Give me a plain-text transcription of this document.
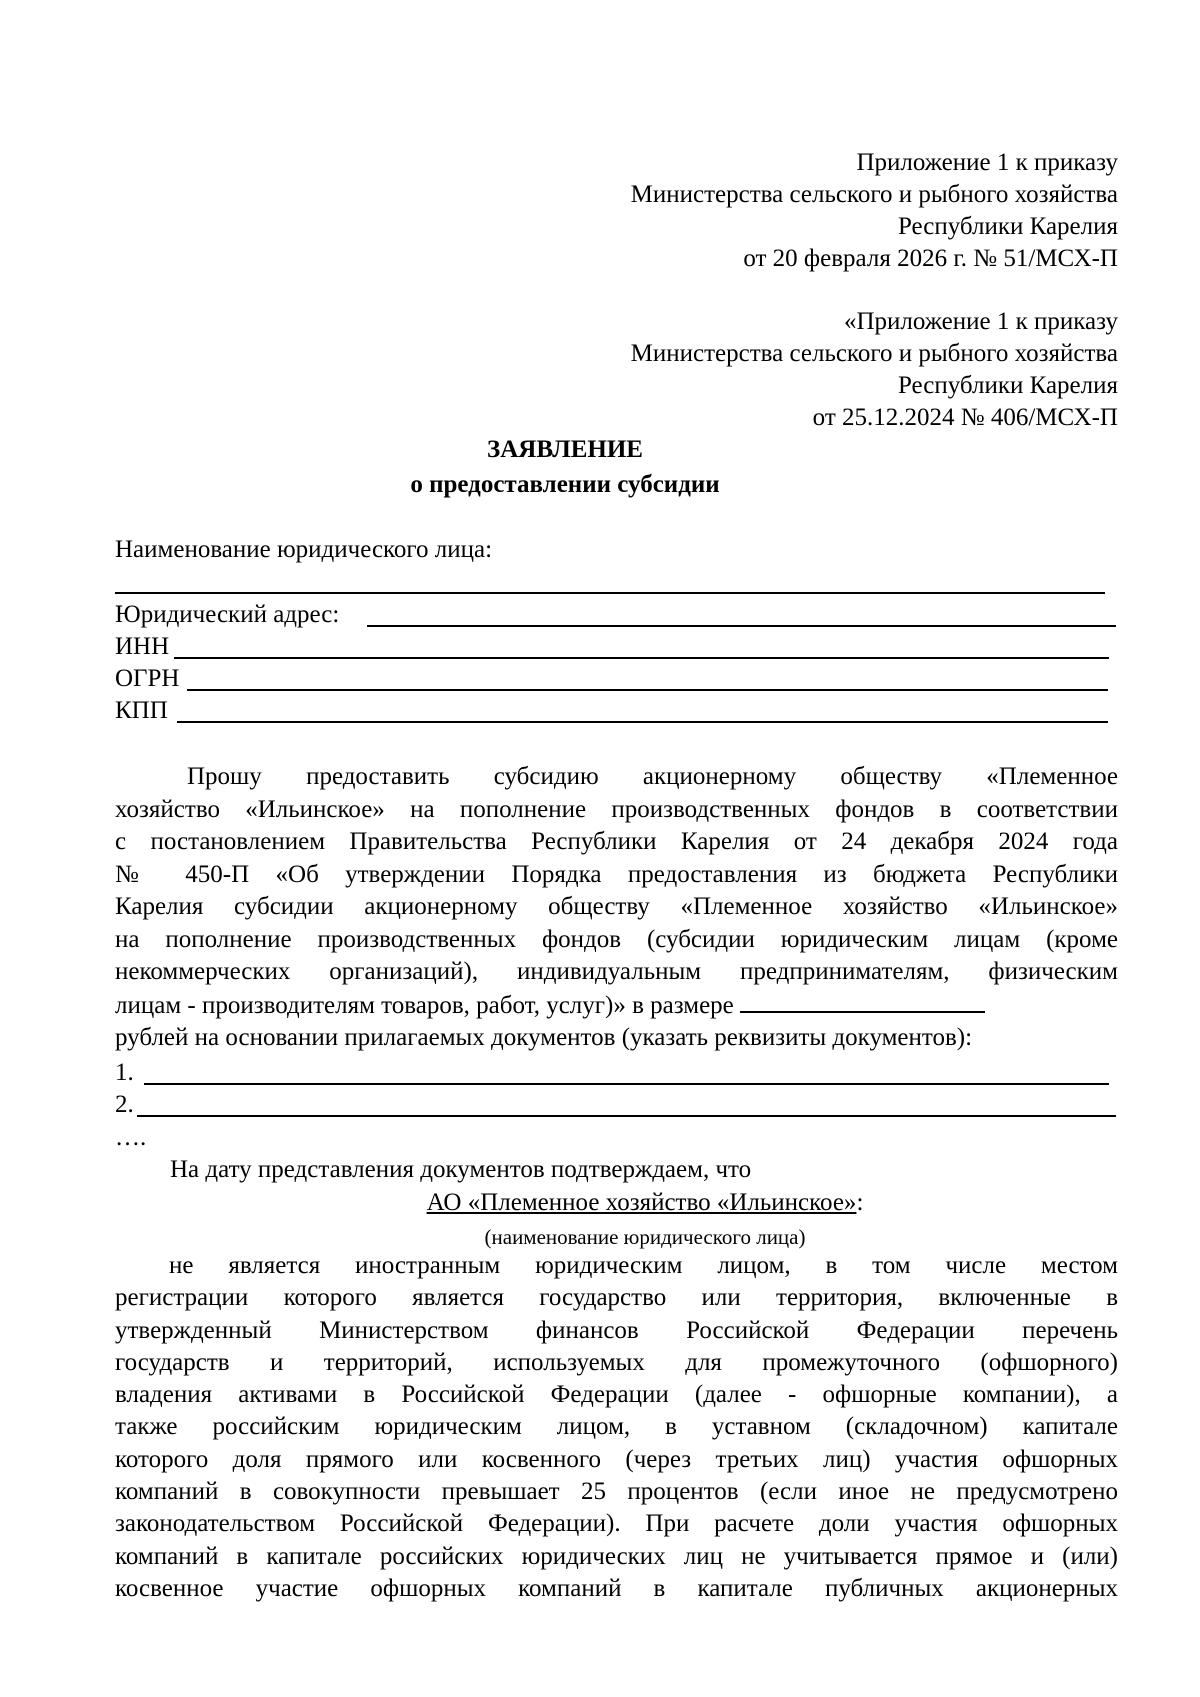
Приложение 1 к приказу
Министерства сельского и рыбного хозяйства
Республики Карелия
от 20 февраля 2026 г. № 51/МСХ-П
«Приложение 1 к приказу
Министерства сельского и рыбного хозяйства
Республики Карелия
от 25.12.2024 № 406/МСХ-П
ЗАЯВЛЕНИЕ
о предоставлении субсидии
Наименование юридического лица:
Юридический адрес:
ИНН
ОГРН
КПП
Прошу предоставить субсидию акционерному обществу «Племенное
хозяйство «Ильинское» на пополнение производственных фондов в соответствии
с постановлением Правительства Республики Карелия от 24 декабря 2024 года
№ 450-П «Об утверждении Порядка предоставления из бюджета Республики
Карелия субсидии акционерному обществу «Племенное хозяйство «Ильинское»
на пополнение производственных фондов (субсидии юридическим лицам (кроме
некоммерческих организаций), индивидуальным предпринимателям, физическим
лицам - производителям товаров, работ, услуг)» в размере
рублей на основании прилагаемых документов (указать реквизиты документов):
1.
2.
….
На дату представления документов подтверждаем, что
АО «Племенное хозяйство «Ильинское»:
(наименование юридического лица)
не является иностранным юридическим лицом, в том числе местом
регистрации которого является государство или территория, включенные в
утвержденный Министерством финансов Российской Федерации перечень
государств и территорий, используемых для промежуточного (офшорного)
владения активами в Российской Федерации (далее - офшорные компании), а
также российским юридическим лицом, в уставном (складочном) капитале
которого доля прямого или косвенного (через третьих лиц) участия офшорных
компаний в совокупности превышает 25 процентов (если иное не предусмотрено
законодательством Российской Федерации). При расчете доли участия офшорных
компаний в капитале российских юридических лиц не учитывается прямое и (или)
косвенное участие офшорных компаний в капитале публичных акционерных
